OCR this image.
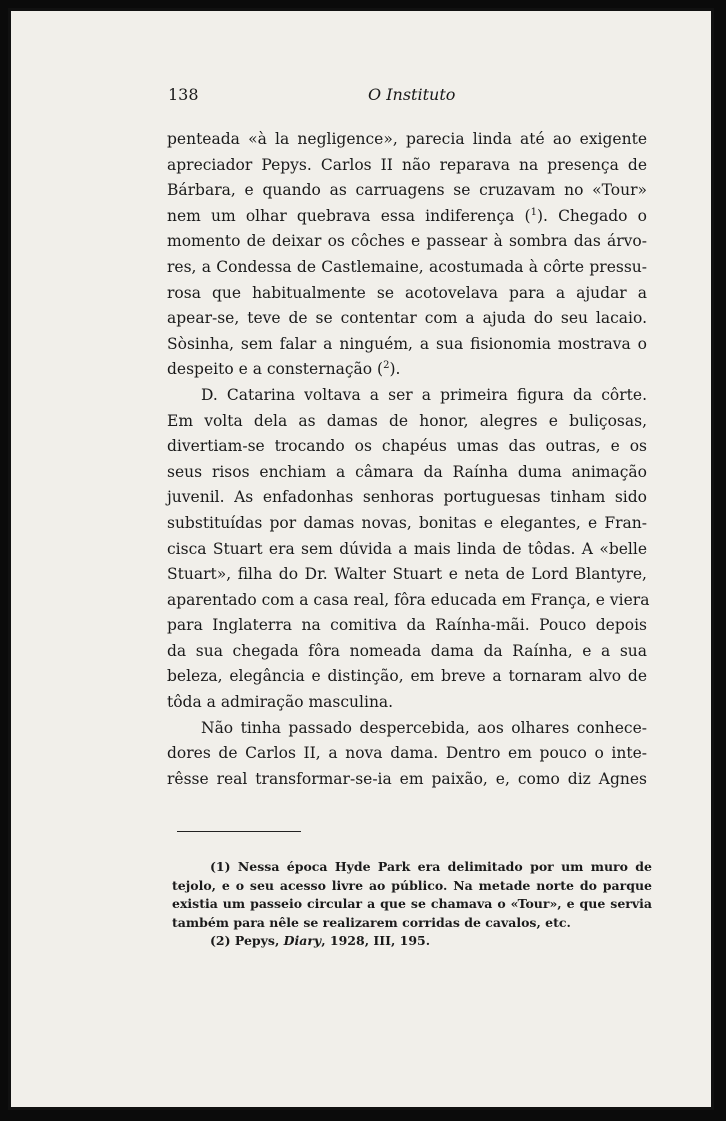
138	O Instituto
penteada «à la negligence», parecia linda até ao exigente
apreciador Pepys. Carlos II não reparava na presença de
Bárbara, e quando as carruagens se cruzavam no «Tour»
nem um olhar quebrava essa indiferença ($^1$). Chegado o
momento de deixar os côches e passear à sombra das árvo-
res, a Condessa de Castlemaine, acostumada à côrte pressu-
rosa que habitualmente se acotovelava para a ajudar a
apear-se, teve de se contentar com a ajuda do seu lacaio.
Sòsinha, sem falar a ninguém, a sua fisionomia mostrava o
despeito e a consternação ($^2$).
D. Catarina voltava a ser a primeira figura da côrte.
Em volta dela as damas de honor, alegres e buliçosas,
divertiam-se trocando os chapéus umas das outras, e os
seus risos enchiam a câmara da Raínha duma animação
juvenil. As enfadonhas senhoras portuguesas tinham sido
substituídas por damas novas, bonitas e elegantes, e Fran-
cisca Stuart era sem dúvida a mais linda de tôdas. A «belle
Stuart», filha do Dr. Walter Stuart e neta de Lord Blantyre,
aparentado com a casa real, fôra educada em França, e viera
para Inglaterra na comitiva da Raínha-mãi. Pouco depois
da sua chegada fôra nomeada dama da Raínha, e a sua
beleza, elegância e distinção, em breve a tornaram alvo de
tôda a admiração masculina.
Não tinha passado despercebida, aos olhares conhece-
dores de Carlos II, a nova dama. Dentro em pouco o inte-
rêsse real transformar-se-ia em paixão, e, como diz Agnes
(1) Nessa época Hyde Park era delimitado por um muro de
tejolo, e o seu acesso livre ao público. Na metade norte do parque
existia um passeio circular a que se chamava o «Tour», e que servia
também para nêle se realizarem corridas de cavalos, etc.
(2) Pepys, Diary, 1928, III, 195.
